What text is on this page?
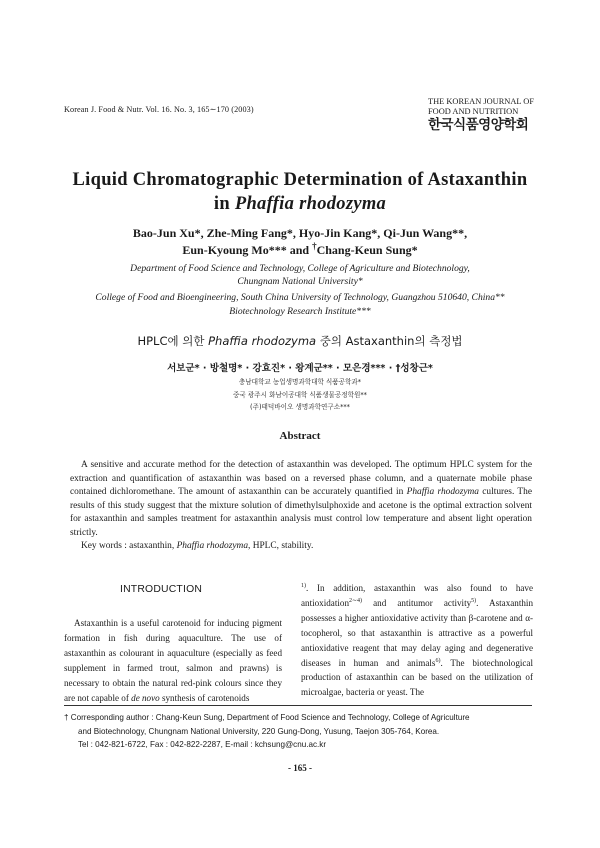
Korean J. Food & Nutr. Vol. 16. No. 3, 165∼170 (2003)
THE KOREAN JOURNAL OF
FOOD AND NUTRITION
한국식품영양학회
Liquid Chromatographic Determination of Astaxanthin
in Phaffia rhodozyma
Bao-Jun Xu*, Zhe-Ming Fang*, Hyo-Jin Kang*, Qi-Jun Wang**,
Eun-Kyoung Mo*** and †Chang-Keun Sung*
Department of Food Science and Technology, College of Agriculture and Biotechnology,
Chungnam National University*
College of Food and Bioengineering, South China University of Technology, Guangzhou 510640, China**
Biotechnology Research Institute***
HPLC에 의한 Phaffia rhodozyma 중의 Astaxanthin의 측정법
서보군* · 방철명* · 강효진* · 왕계군** · 모은경*** · †성창근*
충남대학교 농업생명과학대학 식품공학과*
중국 광주시 화남이공대학 식품생물공정학원**
(주)태덕바이오 생명과학연구소***
Abstract

A sensitive and accurate method for the detection of astaxanthin was developed. The optimum HPLC system for the extraction and quantification of astaxanthin was based on a reversed phase column, and a quaternate mobile phase contained dichloromethane. The amount of astaxanthin can be accurately quantified in Phaffia rhodozyma cultures. The results of this study suggest that the mixture solution of dimethylsulphoxide and acetone is the optimal extraction solvent for astaxanthin and samples treatment for astaxanthin analysis must control low temperature and absent light operation strictly.

Key words : astaxanthin, Phaffia rhodozyma, HPLC, stability.
INTRODUCTION
Astaxanthin is a useful carotenoid for inducing pigment formation in fish during aquaculture. The use of astaxanthin as colourant in aquaculture (especially as feed supplement in farmed trout, salmon and prawns) is necessary to obtain the natural red-pink colours since they are not capable of de novo synthesis of carotenoids
$^{1)}$. In addition, astaxanthin was also found to have antioxidation$^{2\sim 4)}$ and antitumor activity$^{5)}$. Astaxanthin possesses a higher antioxidative activity than β-carotene and α-tocopherol, so that astaxanthin is attractive as a powerful antioxidative reagent that may delay aging and degenerative diseases in human and animals$^{6)}$. The biotechnological production of astaxanthin can be based on the utilization of microalgae, bacteria or yeast. The
† Corresponding author : Chang-Keun Sung, Department of Food Science and Technology, College of Agriculture
and Biotechnology, Chungnam National University, 220 Gung-Dong, Yusung, Taejon 305-764, Korea.
Tel : 042-821-6722, Fax : 042-822-2287, E-mail : kchsung@cnu.ac.kr
- 165 -
